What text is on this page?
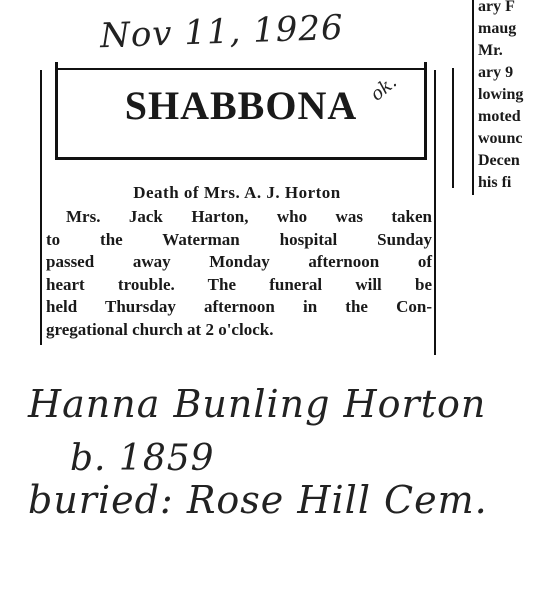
Nov 11, 1926
SHABBONA ok.
Death of Mrs. A. J. Horton
Mrs. Jack Harton, who was taken
to the Waterman hospital Sunday
passed away Monday afternoon of
heart trouble. The funeral will be
held Thursday afternoon in the Con-
gregational church at 2 o'clock.
ary F
maug
Mr.
ary 9
lowing
moted
wounc
Decen
his fi
Hanna Bunling Horton
b. 1859
buried: Rose Hill Cem.
